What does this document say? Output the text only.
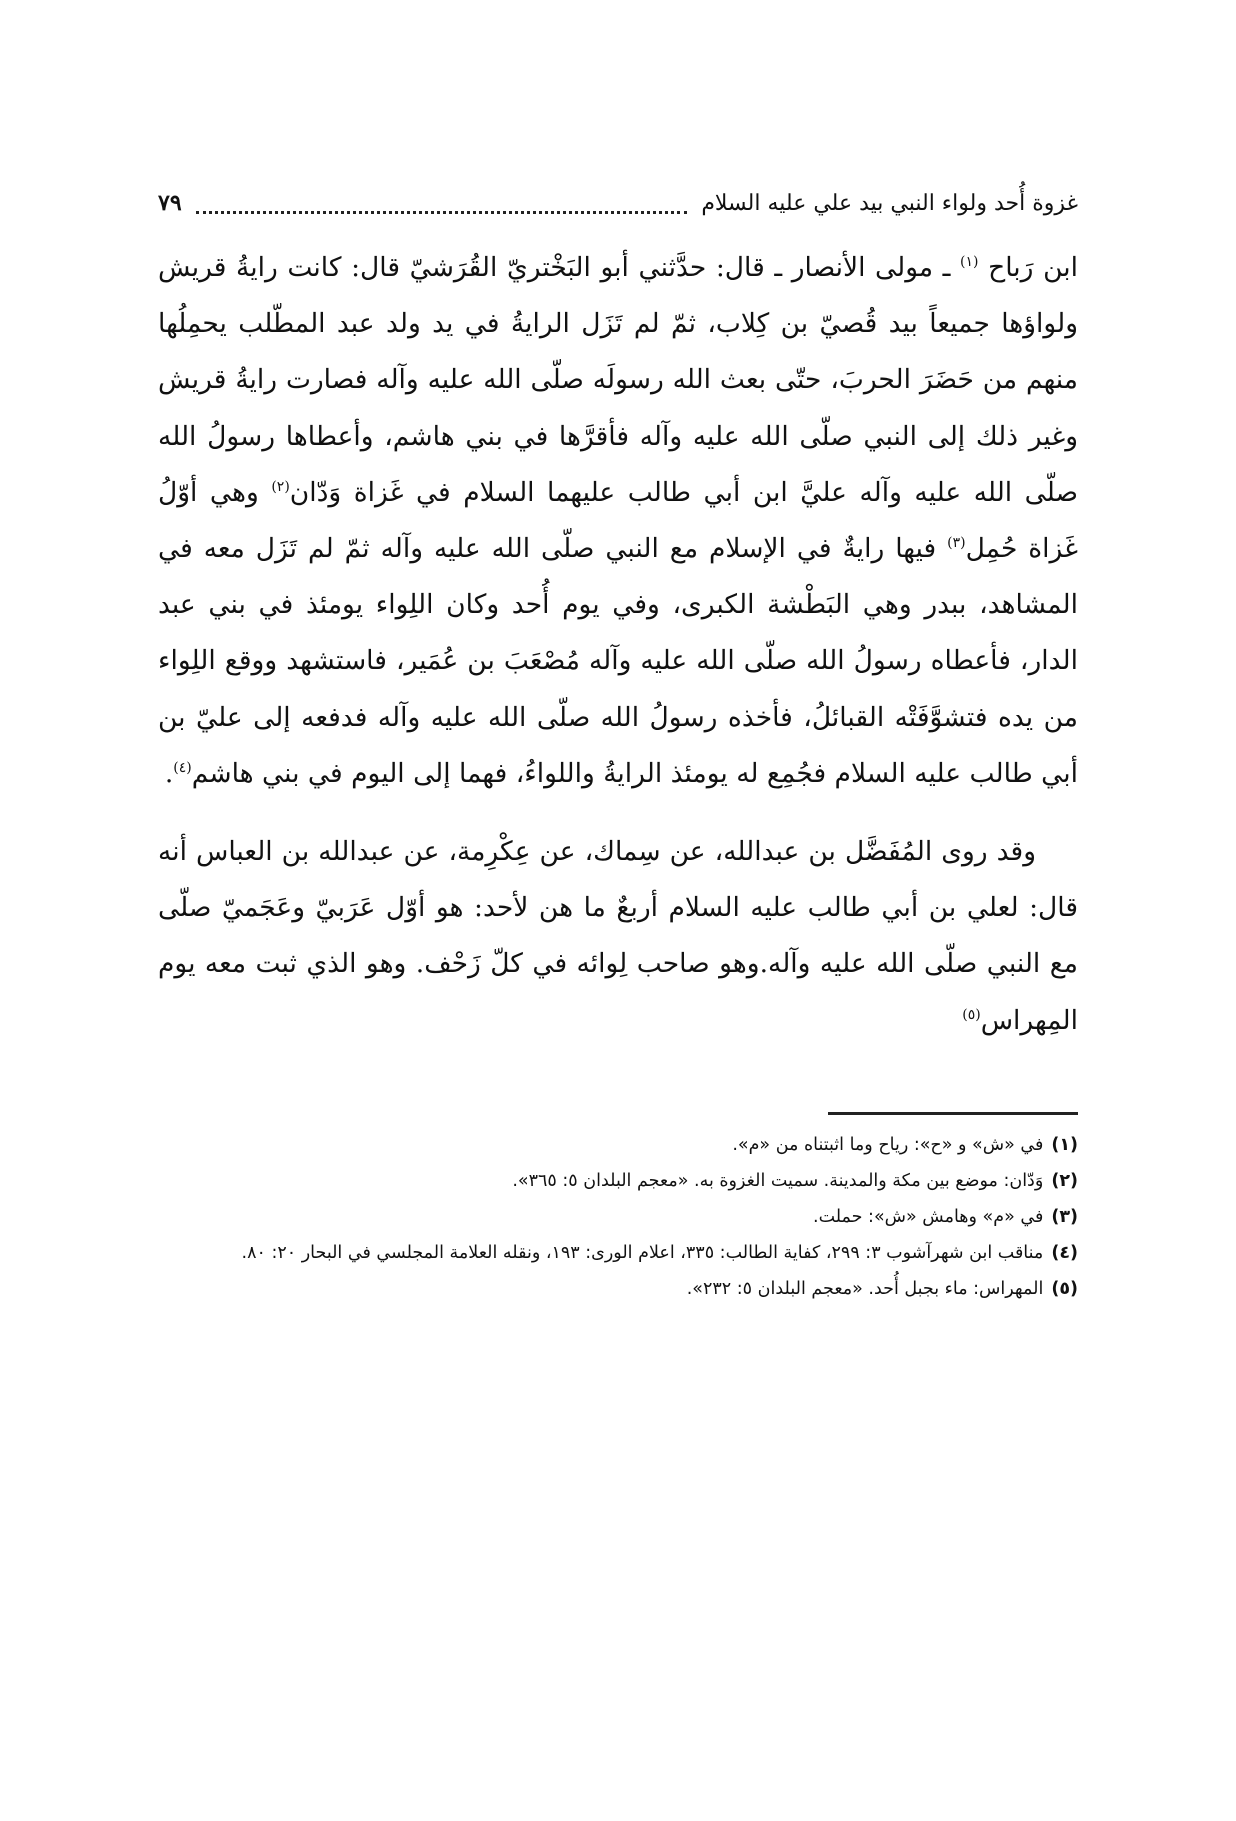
غزوة أُحد ولواء النبي بيد علي عليه السلام
٧٩

ابن رَباح $^{(١)}$ ـ مولى الأنصار ـ قال: حدَّثني أبو البَخْتريّ القُرَشيّ قال: كانت رايةُ قريش ولواؤها جميعاً بيد قُصيّ بن كِلاب، ثمّ لم تَزَل الرايةُ في يد ولد عبد المطّلب يحمِلُها منهم من حَضَرَ الحربَ، حتّى بعث الله رسولَه صلّى الله عليه وآله فصارت رايةُ قريش وغير ذلك إلى النبي صلّى الله عليه وآله فأقرَّها في بني هاشم، وأعطاها رسولُ الله صلّى الله عليه وآله عليَّ ابن أبي طالب عليهما السلام في غَزاة وَدّان$^{(٢)}$ وهي أوّلُ غَزاة حُمِل$^{(٣)}$ فيها رايةٌ في الإسلام مع النبي صلّى الله عليه وآله ثمّ لم تَزَل معه في المشاهد، ببدر وهي البَطْشة الكبرى، وفي يوم أُحد وكان اللِواء يومئذ في بني عبد الدار، فأعطاه رسولُ الله صلّى الله عليه وآله مُصْعَبَ بن عُمَير، فاستشهد ووقع اللِواء من يده فتشوَّفَتْه القبائلُ، فأخذه رسولُ الله صلّى الله عليه وآله فدفعه إلى عليّ بن أبي طالب عليه السلام فجُمِع له يومئذ الرايةُ واللواءُ، فهما إلى اليوم في بني هاشم$^{(٤)}$.

وقد روى المُفَضَّل بن عبدالله، عن سِماك، عن عِكْرِمة، عن عبدالله بن العباس أنه قال: لعلي بن أبي طالب عليه السلام أربعٌ ما هن لأحد: هو أوّل عَرَبيّ وعَجَميّ صلّى مع النبي صلّى الله عليه وآله.وهو صاحب لِوائه في كلّ زَحْف. وهو الذي ثبت معه يوم المِهراس$^{(٥)}$

(١)
في «ش» و «ح»: رياح وما اثبتناه من «م».

(٢)
وَدّان: موضع بين مكة والمدينة. سميت الغزوة به. «معجم البلدان ٥: ٣٦٥».

(٣)
في «م» وهامش «ش»: حملت.

(٤)
مناقب ابن شهرآشوب ٣: ٢٩٩، كفاية الطالب: ٣٣٥، اعلام الورى: ١٩٣، ونقله العلامة المجلسي في البحار ٢٠: ٨٠.

(٥)
المهراس: ماء بجبل أُحد. «معجم البلدان ٥: ٢٣٢».
